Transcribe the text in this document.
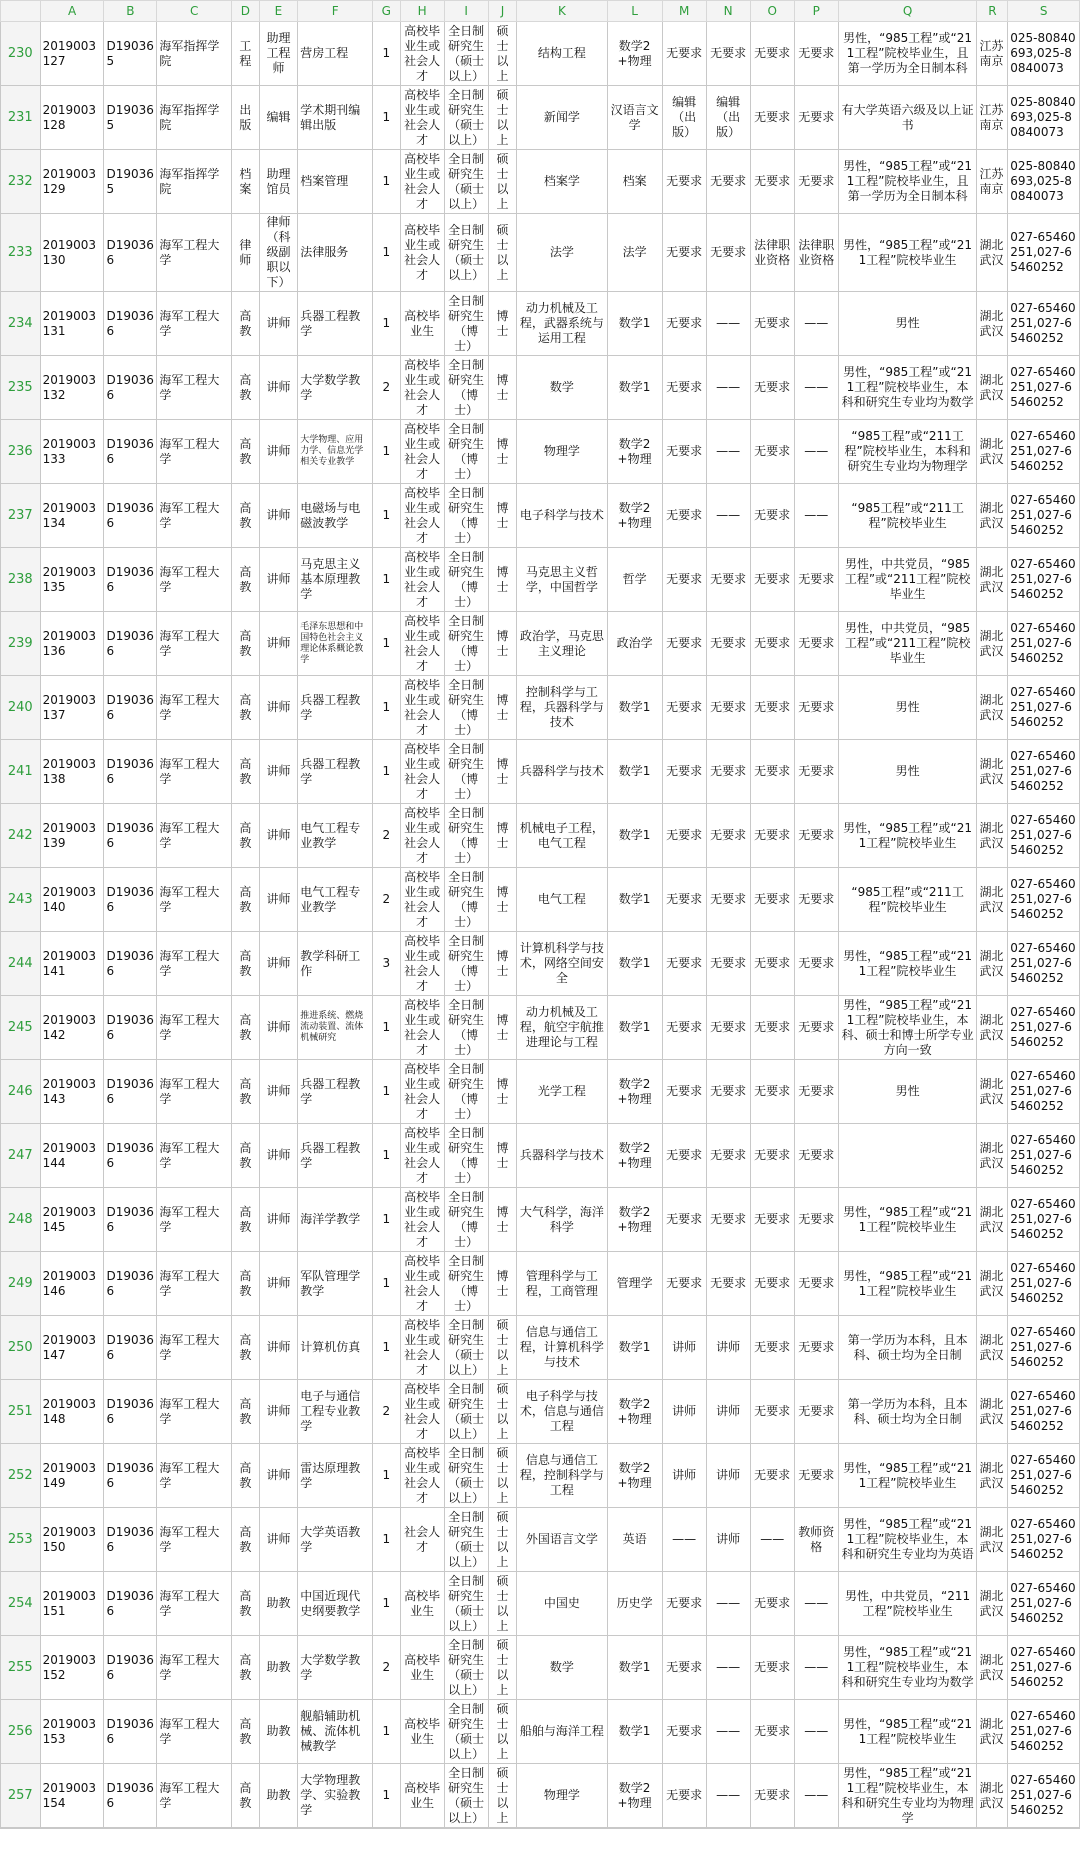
	A	B	C	D	E	F	G	H	I	J	K	L	M	N	O	P	Q	R	S
230	2019003127	D190365	海军指挥学院	工程	助理工程师	营房工程	1	高校毕业生或社会人才	全日制研究生（硕士以上）	硕士以上	结构工程	数学2+物理	无要求	无要求	无要求	无要求	男性，“985工程”或“211工程”院校毕业生，且第一学历为全日制本科	江苏南京	025-80840693,025-80840073
231	2019003128	D190365	海军指挥学院	出版	编辑	学术期刊编辑出版	1	高校毕业生或社会人才	全日制研究生（硕士以上）	硕士以上	新闻学	汉语言文学	编辑（出版）	编辑（出版）	无要求	无要求	有大学英语六级及以上证书	江苏南京	025-80840693,025-80840073
232	2019003129	D190365	海军指挥学院	档案	助理馆员	档案管理	1	高校毕业生或社会人才	全日制研究生（硕士以上）	硕士以上	档案学	档案	无要求	无要求	无要求	无要求	男性，“985工程”或“211工程”院校毕业生，且第一学历为全日制本科	江苏南京	025-80840693,025-80840073
233	2019003130	D190366	海军工程大学	律师	律师（科级副职以下）	法律服务	1	高校毕业生或社会人才	全日制研究生（硕士以上）	硕士以上	法学	法学	无要求	无要求	法律职业资格	法律职业资格	男性，“985工程”或“211工程”院校毕业生	湖北武汉	027-65460251,027-65460252
234	2019003131	D190366	海军工程大学	高教	讲师	兵器工程教学	1	高校毕业生	全日制研究生（博士）	博士	动力机械及工程，武器系统与运用工程	数学1	无要求	——	无要求	——	男性	湖北武汉	027-65460251,027-65460252
235	2019003132	D190366	海军工程大学	高教	讲师	大学数学教学	2	高校毕业生或社会人才	全日制研究生（博士）	博士	数学	数学1	无要求	——	无要求	——	男性，“985工程”或“211工程”院校毕业生，本科和研究生专业均为数学	湖北武汉	027-65460251,027-65460252
236	2019003133	D190366	海军工程大学	高教	讲师	大学物理、应用力学、信息光学相关专业教学	1	高校毕业生或社会人才	全日制研究生（博士）	博士	物理学	数学2+物理	无要求	——	无要求	——	“985工程”或“211工程”院校毕业生，本科和研究生专业均为物理学	湖北武汉	027-65460251,027-65460252
237	2019003134	D190366	海军工程大学	高教	讲师	电磁场与电磁波教学	1	高校毕业生或社会人才	全日制研究生（博士）	博士	电子科学与技术	数学2+物理	无要求	——	无要求	——	“985工程”或“211工程”院校毕业生	湖北武汉	027-65460251,027-65460252
238	2019003135	D190366	海军工程大学	高教	讲师	马克思主义基本原理教学	1	高校毕业生或社会人才	全日制研究生（博士）	博士	马克思主义哲学，中国哲学	哲学	无要求	无要求	无要求	无要求	男性，中共党员，“985工程”或“211工程”院校毕业生	湖北武汉	027-65460251,027-65460252
239	2019003136	D190366	海军工程大学	高教	讲师	毛泽东思想和中国特色社会主义理论体系概论教学	1	高校毕业生或社会人才	全日制研究生（博士）	博士	政治学，马克思主义理论	政治学	无要求	无要求	无要求	无要求	男性，中共党员，“985工程”或“211工程”院校毕业生	湖北武汉	027-65460251,027-65460252
240	2019003137	D190366	海军工程大学	高教	讲师	兵器工程教学	1	高校毕业生或社会人才	全日制研究生（博士）	博士	控制科学与工程，兵器科学与技术	数学1	无要求	无要求	无要求	无要求	男性	湖北武汉	027-65460251,027-65460252
241	2019003138	D190366	海军工程大学	高教	讲师	兵器工程教学	1	高校毕业生或社会人才	全日制研究生（博士）	博士	兵器科学与技术	数学1	无要求	无要求	无要求	无要求	男性	湖北武汉	027-65460251,027-65460252
242	2019003139	D190366	海军工程大学	高教	讲师	电气工程专业教学	2	高校毕业生或社会人才	全日制研究生（博士）	博士	机械电子工程，电气工程	数学1	无要求	无要求	无要求	无要求	男性，“985工程”或“211工程”院校毕业生	湖北武汉	027-65460251,027-65460252
243	2019003140	D190366	海军工程大学	高教	讲师	电气工程专业教学	2	高校毕业生或社会人才	全日制研究生（博士）	博士	电气工程	数学1	无要求	无要求	无要求	无要求	“985工程”或“211工程”院校毕业生	湖北武汉	027-65460251,027-65460252
244	2019003141	D190366	海军工程大学	高教	讲师	教学科研工作	3	高校毕业生或社会人才	全日制研究生（博士）	博士	计算机科学与技术，网络空间安全	数学1	无要求	无要求	无要求	无要求	男性，“985工程”或“211工程”院校毕业生	湖北武汉	027-65460251,027-65460252
245	2019003142	D190366	海军工程大学	高教	讲师	推进系统、燃烧流动装置、流体机械研究	1	高校毕业生或社会人才	全日制研究生（博士）	博士	动力机械及工程，航空宇航推进理论与工程	数学1	无要求	无要求	无要求	无要求	男性，“985工程”或“211工程”院校毕业生，本科、硕士和博士所学专业方向一致	湖北武汉	027-65460251,027-65460252
246	2019003143	D190366	海军工程大学	高教	讲师	兵器工程教学	1	高校毕业生或社会人才	全日制研究生（博士）	博士	光学工程	数学2+物理	无要求	无要求	无要求	无要求	男性	湖北武汉	027-65460251,027-65460252
247	2019003144	D190366	海军工程大学	高教	讲师	兵器工程教学	1	高校毕业生或社会人才	全日制研究生（博士）	博士	兵器科学与技术	数学2+物理	无要求	无要求	无要求	无要求		湖北武汉	027-65460251,027-65460252
248	2019003145	D190366	海军工程大学	高教	讲师	海洋学教学	1	高校毕业生或社会人才	全日制研究生（博士）	博士	大气科学，海洋科学	数学2+物理	无要求	无要求	无要求	无要求	男性，“985工程”或“211工程”院校毕业生	湖北武汉	027-65460251,027-65460252
249	2019003146	D190366	海军工程大学	高教	讲师	军队管理学教学	1	高校毕业生或社会人才	全日制研究生（博士）	博士	管理科学与工程，工商管理	管理学	无要求	无要求	无要求	无要求	男性，“985工程”或“211工程”院校毕业生	湖北武汉	027-65460251,027-65460252
250	2019003147	D190366	海军工程大学	高教	讲师	计算机仿真	1	高校毕业生或社会人才	全日制研究生（硕士以上）	硕士以上	信息与通信工程，计算机科学与技术	数学1	讲师	讲师	无要求	无要求	第一学历为本科，且本科、硕士均为全日制	湖北武汉	027-65460251,027-65460252
251	2019003148	D190366	海军工程大学	高教	讲师	电子与通信工程专业教学	2	高校毕业生或社会人才	全日制研究生（硕士以上）	硕士以上	电子科学与技术，信息与通信工程	数学2+物理	讲师	讲师	无要求	无要求	第一学历为本科，且本科、硕士均为全日制	湖北武汉	027-65460251,027-65460252
252	2019003149	D190366	海军工程大学	高教	讲师	雷达原理教学	1	高校毕业生或社会人才	全日制研究生（硕士以上）	硕士以上	信息与通信工程，控制科学与工程	数学2+物理	讲师	讲师	无要求	无要求	男性，“985工程”或“211工程”院校毕业生	湖北武汉	027-65460251,027-65460252
253	2019003150	D190366	海军工程大学	高教	讲师	大学英语教学	1	社会人才	全日制研究生（硕士以上）	硕士以上	外国语言文学	英语	——	讲师	——	教师资格	男性，“985工程”或“211工程”院校毕业生，本科和研究生专业均为英语	湖北武汉	027-65460251,027-65460252
254	2019003151	D190366	海军工程大学	高教	助教	中国近现代史纲要教学	1	高校毕业生	全日制研究生（硕士以上）	硕士以上	中国史	历史学	无要求	——	无要求	——	男性，中共党员，“211工程”院校毕业生	湖北武汉	027-65460251,027-65460252
255	2019003152	D190366	海军工程大学	高教	助教	大学数学教学	2	高校毕业生	全日制研究生（硕士以上）	硕士以上	数学	数学1	无要求	——	无要求	——	男性，“985工程”或“211工程”院校毕业生，本科和研究生专业均为数学	湖北武汉	027-65460251,027-65460252
256	2019003153	D190366	海军工程大学	高教	助教	舰船辅助机械、流体机械教学	1	高校毕业生	全日制研究生（硕士以上）	硕士以上	船舶与海洋工程	数学1	无要求	——	无要求	——	男性，“985工程”或“211工程”院校毕业生	湖北武汉	027-65460251,027-65460252
257	2019003154	D190366	海军工程大学	高教	助教	大学物理教学、实验教学	1	高校毕业生	全日制研究生（硕士以上）	硕士以上	物理学	数学2+物理	无要求	——	无要求	——	男性，“985工程”或“211工程”院校毕业生，本科和研究生专业均为物理学	湖北武汉	027-65460251,027-65460252
